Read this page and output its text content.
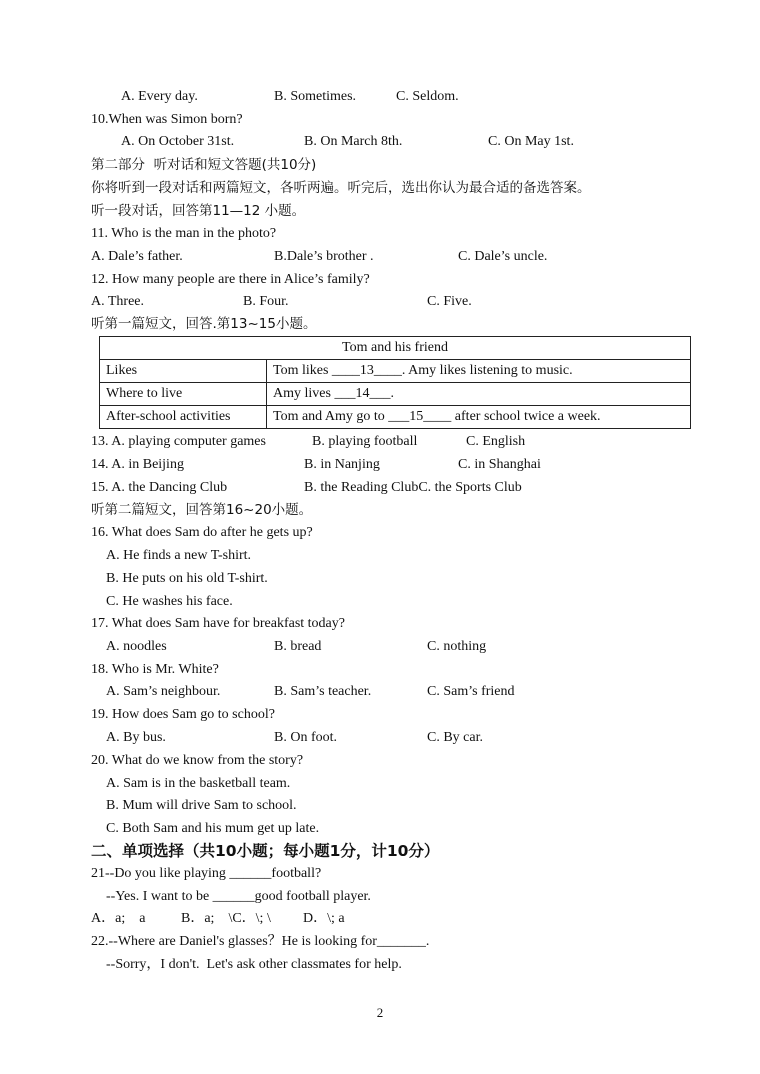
A. Every day.	B. Sometimes.	C. Seldom.
10.When was Simon born?
A. On October 31st.	B. On March 8th.	C. On May 1st.
第二部分  听对话和短文答题(共10分)
你将听到一段对话和两篇短文，各听两遍。听完后，选出你认为最合适的备选答案。
听一段对话，回答第11—12 小题。
11. Who is the man in the photo?
A. Dale’s father.	B.Dale’s brother .	C. Dale’s uncle.
12. How many people are there in Alice’s family?
A. Three.	B. Four.	C. Five.
听第一篇短文，回答.第13~15小题。
Tom and his friend	
Likes	Tom likes ____13____. Amy likes listening to music.
Where to live	Amy lives ___14___.
After-school activities	Tom and Amy go to ___15____ after school twice a week.
13. A. playing computer games	B. playing football	C. English
14. A. in Beijing	B. in Nanjing	C. in Shanghai
15. A. the Dancing Club	B. the Reading ClubC. the Sports Club
听第二篇短文，回答第16~20小题。
16. What does Sam do after he gets up?
A. He finds a new T-shirt.
B. He puts on his old T-shirt.
C. He washes his face.
17. What does Sam have for breakfast today?
A. noodles	B. bread	C. nothing
18. Who is Mr. White?
A. Sam’s neighbour.	B. Sam’s teacher.	C. Sam’s friend
19. How does Sam go to school?
A. By bus.	B. On foot.	C. By car.
20. What do we know from the story?
A. Sam is in the basketball team.
B. Mum will drive Sam to school.
C. Both Sam and his mum get up late.
二、单项选择（共10小题；每小题1分，计10分）
21--Do you like playing ______football?
--Yes. I want to be ______good football player.
A．a;    a	B．a;    \C．\; \ D．\; a
22.--Where are Daniel's glasses？He is looking for_______.
--Sorry，I don't.  Let's ask other classmates for help.
2
